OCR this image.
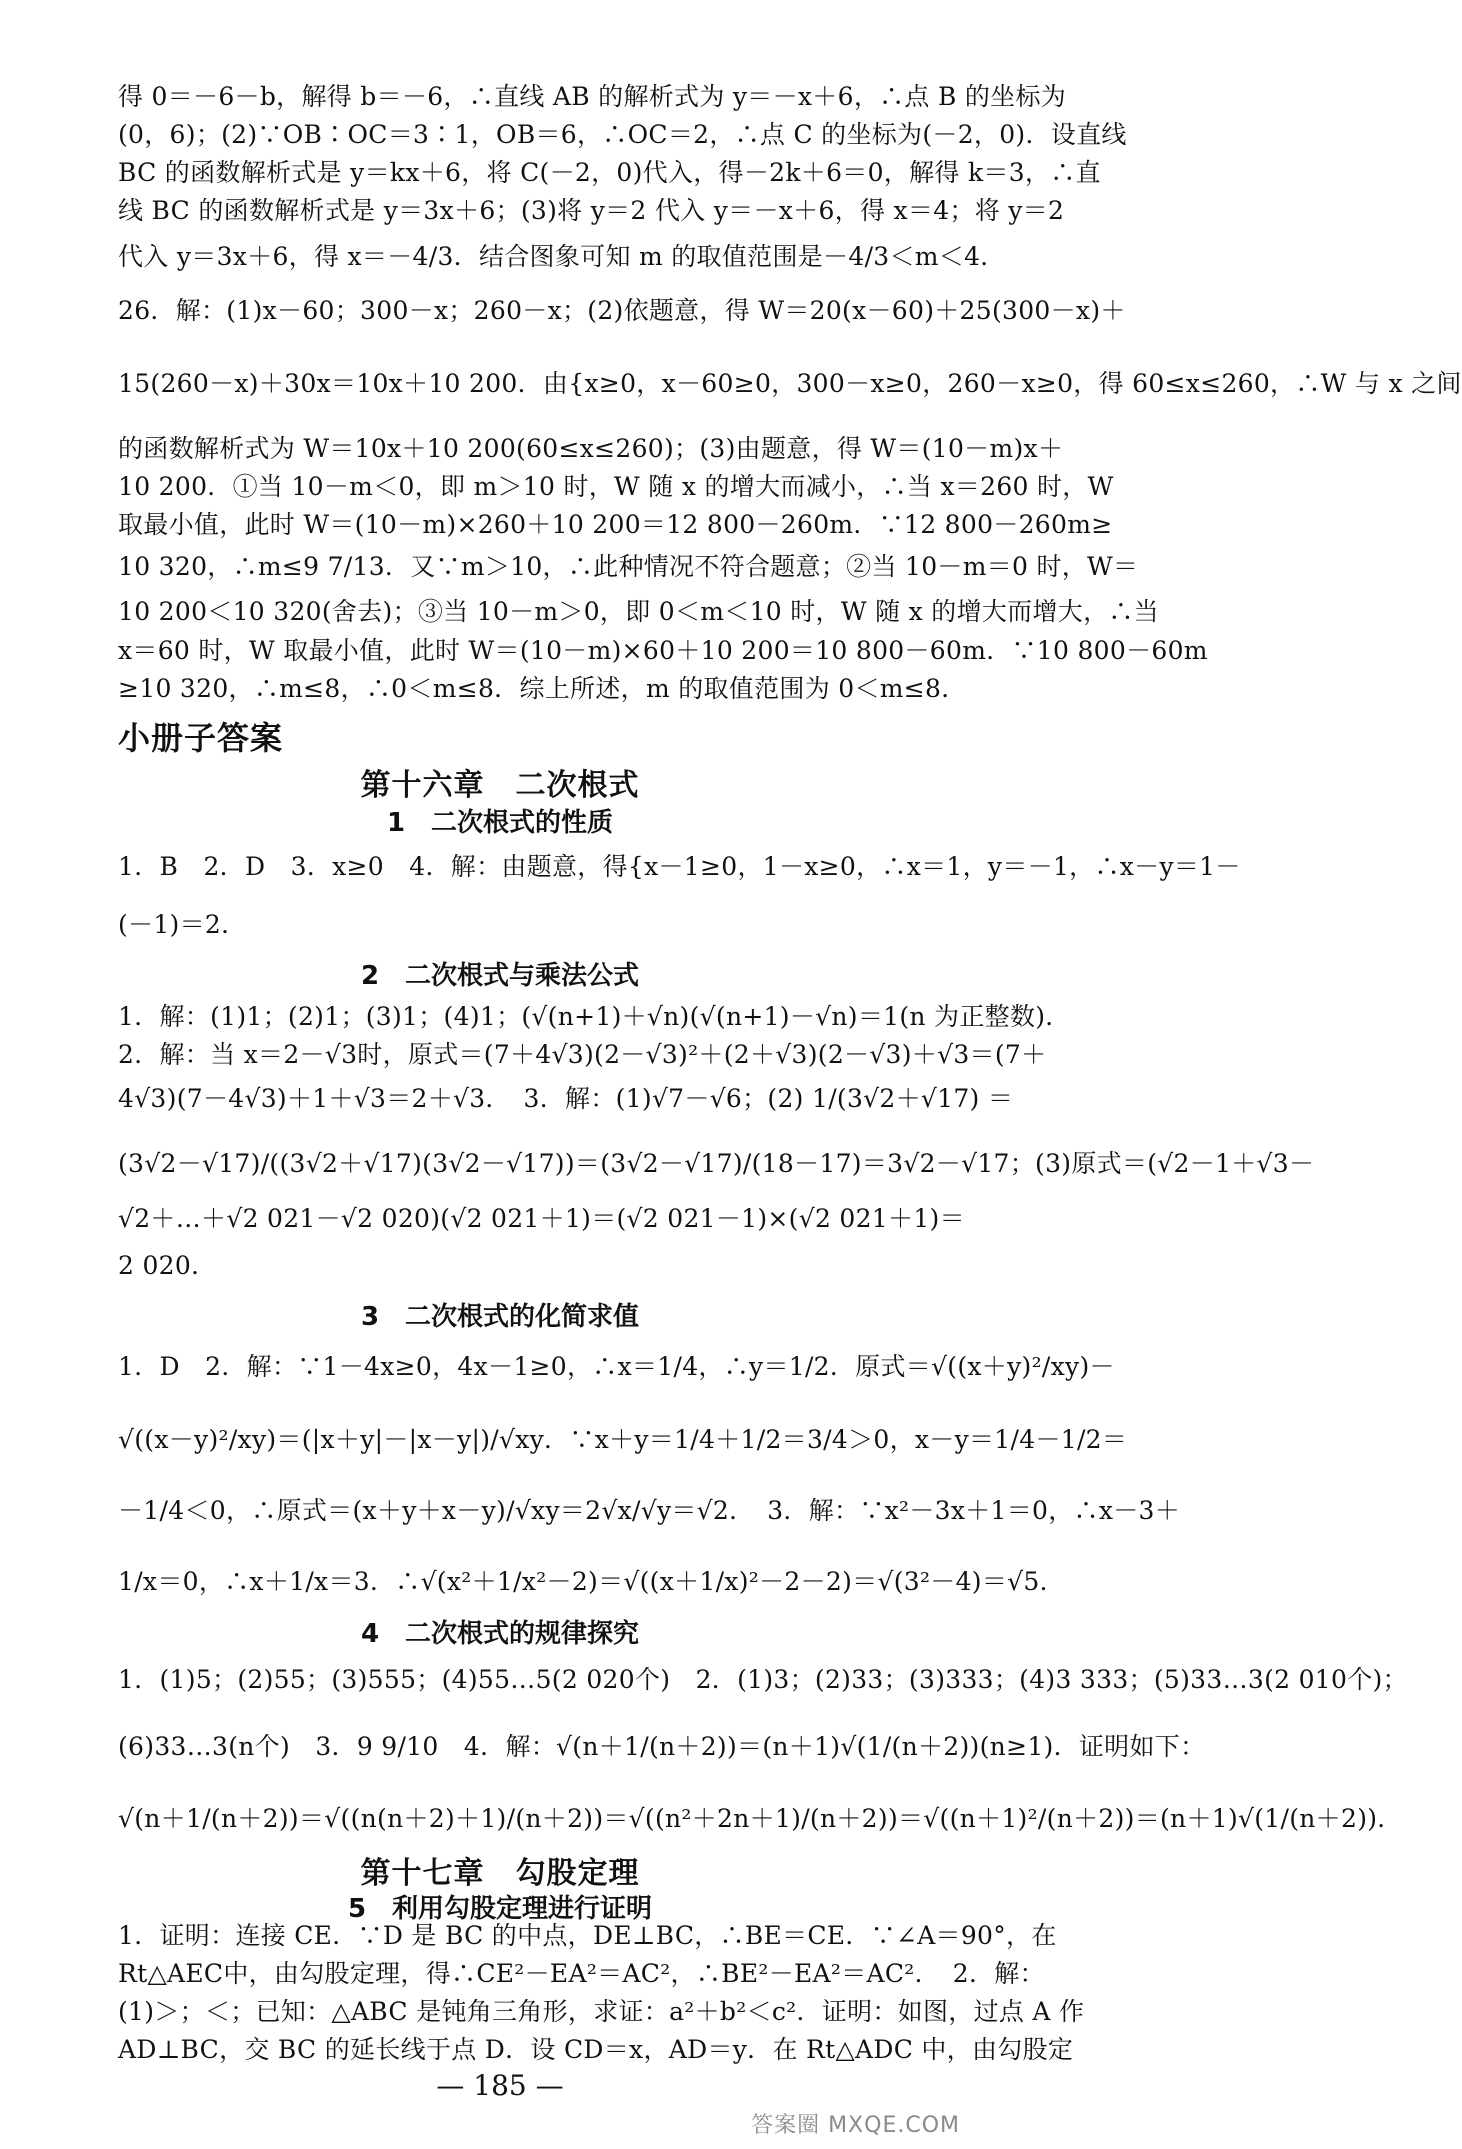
得 0＝－6－b，解得 b＝－6，∴直线 AB 的解析式为 y＝－x＋6，∴点 B 的坐标为
(0，6)；(2)∵OB∶OC＝3∶1，OB＝6，∴OC＝2，∴点 C 的坐标为(－2，0)．设直线
BC 的函数解析式是 y＝kx＋6，将 C(－2，0)代入，得－2k＋6＝0，解得 k＝3，∴直
线 BC 的函数解析式是 y＝3x＋6；(3)将 y＝2 代入 y＝－x＋6，得 x＝4；将 y＝2
代入 y＝3x＋6，得 x＝－4/3．结合图象可知 m 的取值范围是－4/3＜m＜4．
26．解：(1)x－60；300－x；260－x；(2)依题意，得 W＝20(x－60)＋25(300－x)＋
15(260－x)＋30x＝10x＋10 200．由{x≥0，x－60≥0，300－x≥0，260－x≥0，得 60≤x≤260，∴W 与 x 之间
的函数解析式为 W＝10x＋10 200(60≤x≤260)；(3)由题意，得 W＝(10－m)x＋
10 200．①当 10－m＜0，即 m＞10 时，W 随 x 的增大而减小，∴当 x＝260 时，W
取最小值，此时 W＝(10－m)×260＋10 200＝12 800－260m．∵12 800－260m≥
10 320，∴m≤9 7/13．又∵m＞10，∴此种情况不符合题意；②当 10－m＝0 时，W＝
10 200＜10 320(舍去)；③当 10－m＞0，即 0＜m＜10 时，W 随 x 的增大而增大，∴当
x＝60 时，W 取最小值，此时 W＝(10－m)×60＋10 200＝10 800－60m．∵10 800－60m
≥10 320，∴m≤8，∴0＜m≤8．综上所述，m 的取值范围为 0＜m≤8．
小册子答案
第十六章　二次根式
1　二次根式的性质
1．B　2．D　3．x≥0　4．解：由题意，得{x－1≥0，1－x≥0，∴x＝1，y＝－1，∴x－y＝1－
(－1)＝2．
2　二次根式与乘法公式
1．解：(1)1；(2)1；(3)1；(4)1；(√(n+1)＋√n)(√(n+1)－√n)＝1(n 为正整数)．
2．解：当 x＝2－√3时，原式＝(7＋4√3)(2－√3)²＋(2＋√3)(2－√3)＋√3＝(7＋
4√3)(7－4√3)＋1＋√3＝2＋√3．　3．解：(1)√7－√6；(2) 1/(3√2＋√17) ＝
(3√2－√17)/((3√2＋√17)(3√2－√17))＝(3√2－√17)/(18－17)＝3√2－√17；(3)原式＝(√2－1＋√3－
√2＋…＋√2 021－√2 020)(√2 021＋1)＝(√2 021－1)×(√2 021＋1)＝
2 020．
3　二次根式的化简求值
1．D　2．解：∵1－4x≥0，4x－1≥0，∴x＝1/4，∴y＝1/2．原式＝√((x＋y)²/xy)－
√((x－y)²/xy)＝(|x＋y|－|x－y|)/√xy．∵x＋y＝1/4＋1/2＝3/4＞0，x－y＝1/4－1/2＝
－1/4＜0，∴原式＝(x＋y＋x－y)/√xy＝2√x/√y＝√2．　3．解：∵x²－3x＋1＝0，∴x－3＋
1/x＝0，∴x＋1/x＝3．∴√(x²＋1/x²－2)＝√((x＋1/x)²－2－2)＝√(3²－4)＝√5．
4　二次根式的规律探究
1．(1)5；(2)55；(3)555；(4)55…5(2 020个)　2．(1)3；(2)33；(3)333；(4)3 333；(5)33…3(2 010个)；
(6)33…3(n个)　3．9 9/10　4．解：√(n＋1/(n＋2))＝(n＋1)√(1/(n＋2))(n≥1)．证明如下：
√(n＋1/(n＋2))＝√((n(n＋2)＋1)/(n＋2))＝√((n²＋2n＋1)/(n＋2))＝√((n＋1)²/(n＋2))＝(n＋1)√(1/(n＋2))．
第十七章　勾股定理
5　利用勾股定理进行证明
1．证明：连接 CE．∵D 是 BC 的中点，DE⊥BC，∴BE＝CE．∵∠A＝90°，在
Rt△AEC中，由勾股定理，得∴CE²－EA²＝AC²，∴BE²－EA²＝AC²．　2．解：
(1)＞；＜；已知：△ABC 是钝角三角形，求证：a²＋b²＜c²．证明：如图，过点 A 作
AD⊥BC，交 BC 的延长线于点 D．设 CD＝x，AD＝y．在 Rt△ADC 中，由勾股定
— 185 —
答案圈 MXQE.COM
